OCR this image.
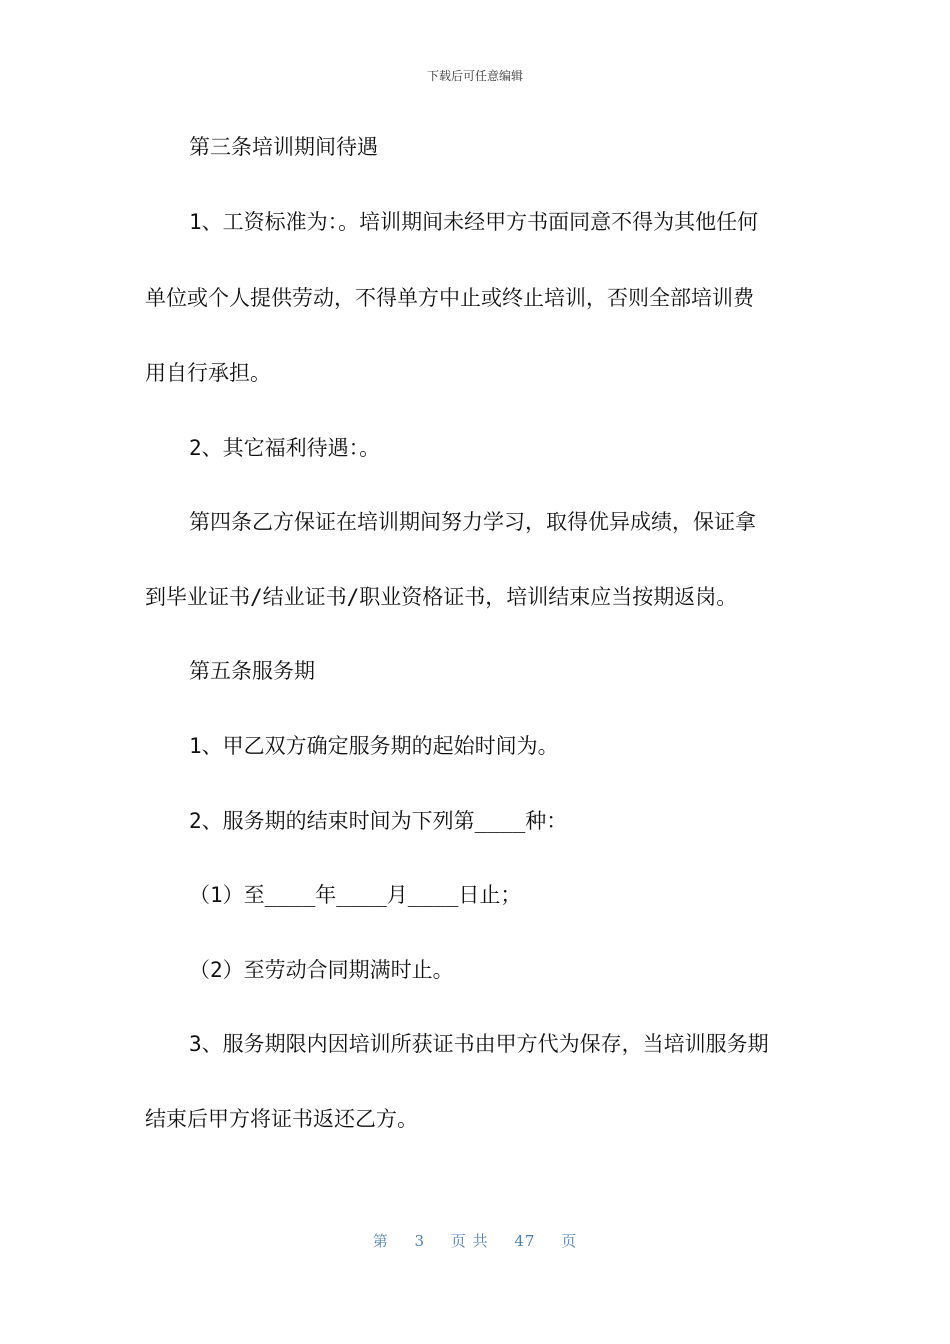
下载后可任意编辑
第三条培训期间待遇
1、工资标准为：。培训期间未经甲方书面同意不得为其他任何
单位或个人提供劳动，不得单方中止或终止培训，否则全部培训费
用自行承担。
2、其它福利待遇：。
第四条乙方保证在培训期间努力学习，取得优异成绩，保证拿
到毕业证书/结业证书/职业资格证书，培训结束应当按期返岗。
第五条服务期
1、甲乙双方确定服务期的起始时间为。
2、服务期的结束时间为下列第____种：
（1）至____年____月____日止；
（2）至劳动合同期满时止。
3、服务期限内因培训所获证书由甲方代为保存，当培训服务期
结束后甲方将证书返还乙方。
第 3 页 共 47 页
